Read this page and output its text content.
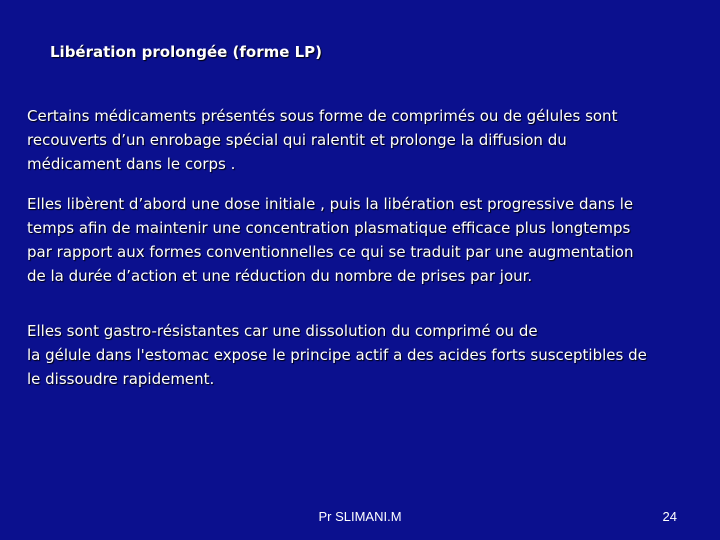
Libération prolongée (forme LP)
Certains médicaments présentés sous forme de comprimés ou de gélules sont
recouverts d’un enrobage spécial qui ralentit et prolonge la diffusion du
médicament dans le corps .
Elles libèrent d’abord une dose initiale , puis la libération est progressive dans le
temps afin de maintenir une concentration plasmatique efficace plus longtemps
par rapport aux formes conventionnelles ce qui se traduit par une augmentation
de la durée d’action et une réduction du nombre de prises par jour.
Elles sont gastro-résistantes car une dissolution du comprimé ou de
la gélule dans l'estomac expose le principe actif a des acides forts susceptibles de
le dissoudre rapidement.
Pr SLIMANI.M	24
